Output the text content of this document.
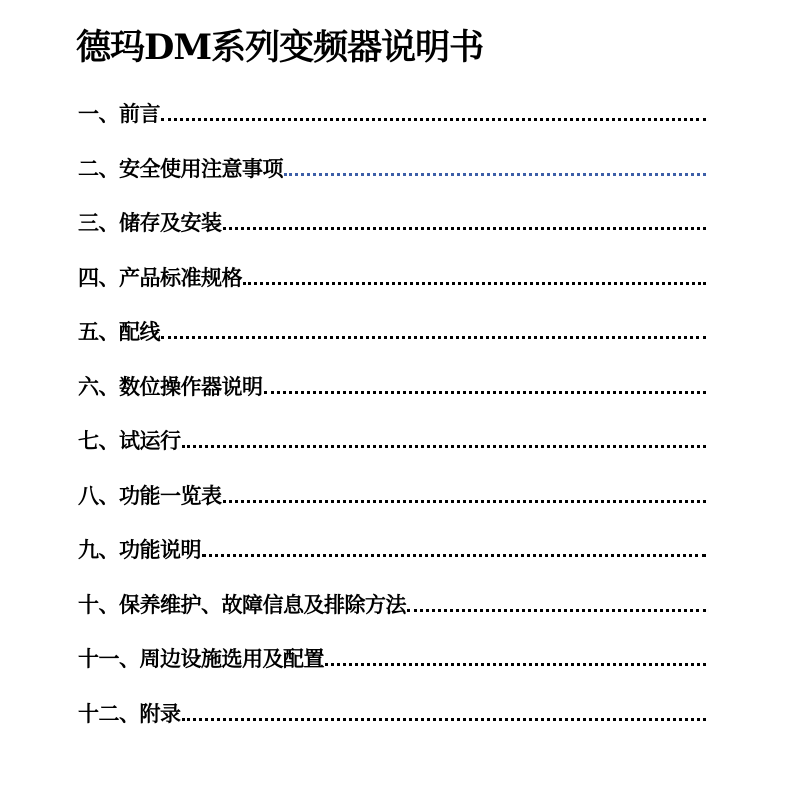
德玛DM系列变频器说明书
一、前言
二、安全使用注意事项
三、储存及安装
四、产品标准规格
五、配线
六、数位操作器说明
七、试运行
八、功能一览表
九、功能说明
十、保养维护、故障信息及排除方法
十一、周边设施选用及配置
十二、附录
